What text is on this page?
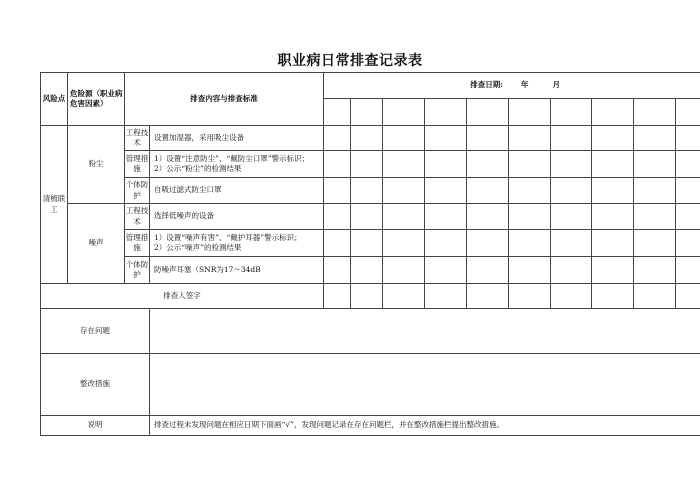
职业病日常排查记录表
风险点	危险源（职业病危害因素）	排查内容与排查标准		排查日期: 年 月									

清梳联工	粉尘	工程技术	设置加湿器，采用吸尘设备										
		管理措施	1）设置“注意防尘”、“戴防尘口罩”警示标识；
2）公示“粉尘”的检测结果										

		个体防护	自吸过滤式防尘口罩										
	噪声	工程技术	选择低噪声的设备										
		管理措施	1）设置“噪声有害”、“戴护耳器”警示标识；
2）公示“噪声”的检测结果										

		个体防护	防噪声耳塞（SNR为17～34dB										
排查人签字													
存在问题													
整改措施													
说明			排查过程未发现问题在相应日期下面画“√”，发现问题记录在存在问题栏，并在整改措施栏提出整改措施。										
